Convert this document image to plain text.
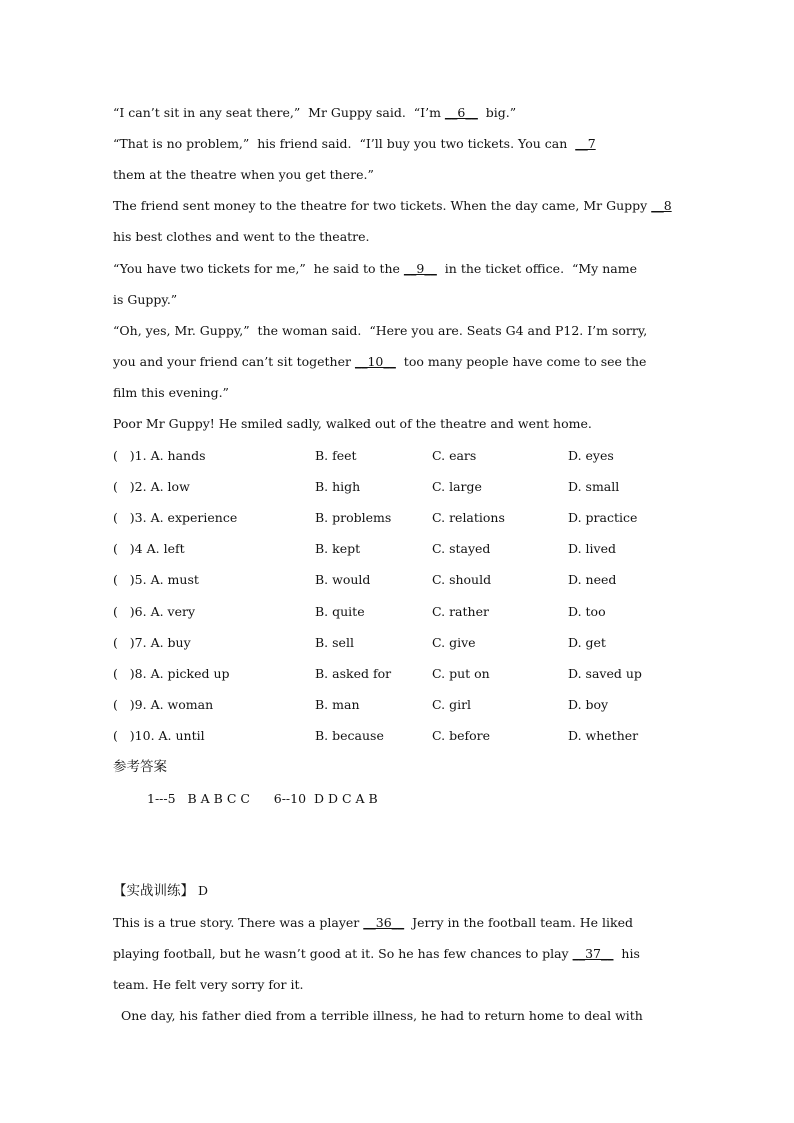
“I can’t sit in any seat there,”  Mr Guppy said.  “I’m __6__  big.”
“That is no problem,”  his friend said.  “I’ll buy you two tickets. You can  __7
them at the theatre when you get there.”
The friend sent money to the theatre for two tickets. When the day came, Mr Guppy __8
his best clothes and went to the theatre.
“You have two tickets for me,”  he said to the __9__  in the ticket office.  “My name
is Guppy.”
“Oh, yes, Mr. Guppy,”  the woman said.  “Here you are. Seats G4 and P12. I’m sorry,
you and your friend can’t sit together __10__  too many people have come to see the
film this evening.”
Poor Mr Guppy! He smiled sadly, walked out of the theatre and went home.
(   )1. A. hands	B. feet	C. ears	D. eyes
(   )2. A. low	B. high	C. large	D. small
(   )3. A. experience	B. problems	C. relations	D. practice
(   )4 A. left	B. kept	C. stayed	D. lived
(   )5. A. must	B. would	C. should	D. need
(   )6. A. very	B. quite	C. rather	D. too
(   )7. A. buy	B. sell	C. give	D. get
(   )8. A. picked up	B. asked for	C. put on	D. saved up
(   )9. A. woman	B. man	C. girl	D. boy
(   )10. A. until	B. because	C. before	D. whether
参考答案
1---5   B A B C C      6--10  D D C A B
【实战训练】 D
This is a true story. There was a player __36__  Jerry in the football team. He liked
playing football, but he wasn’t good at it. So he has few chances to play __37__  his
team. He felt very sorry for it.
One day, his father died from a terrible illness, he had to return home to deal with
